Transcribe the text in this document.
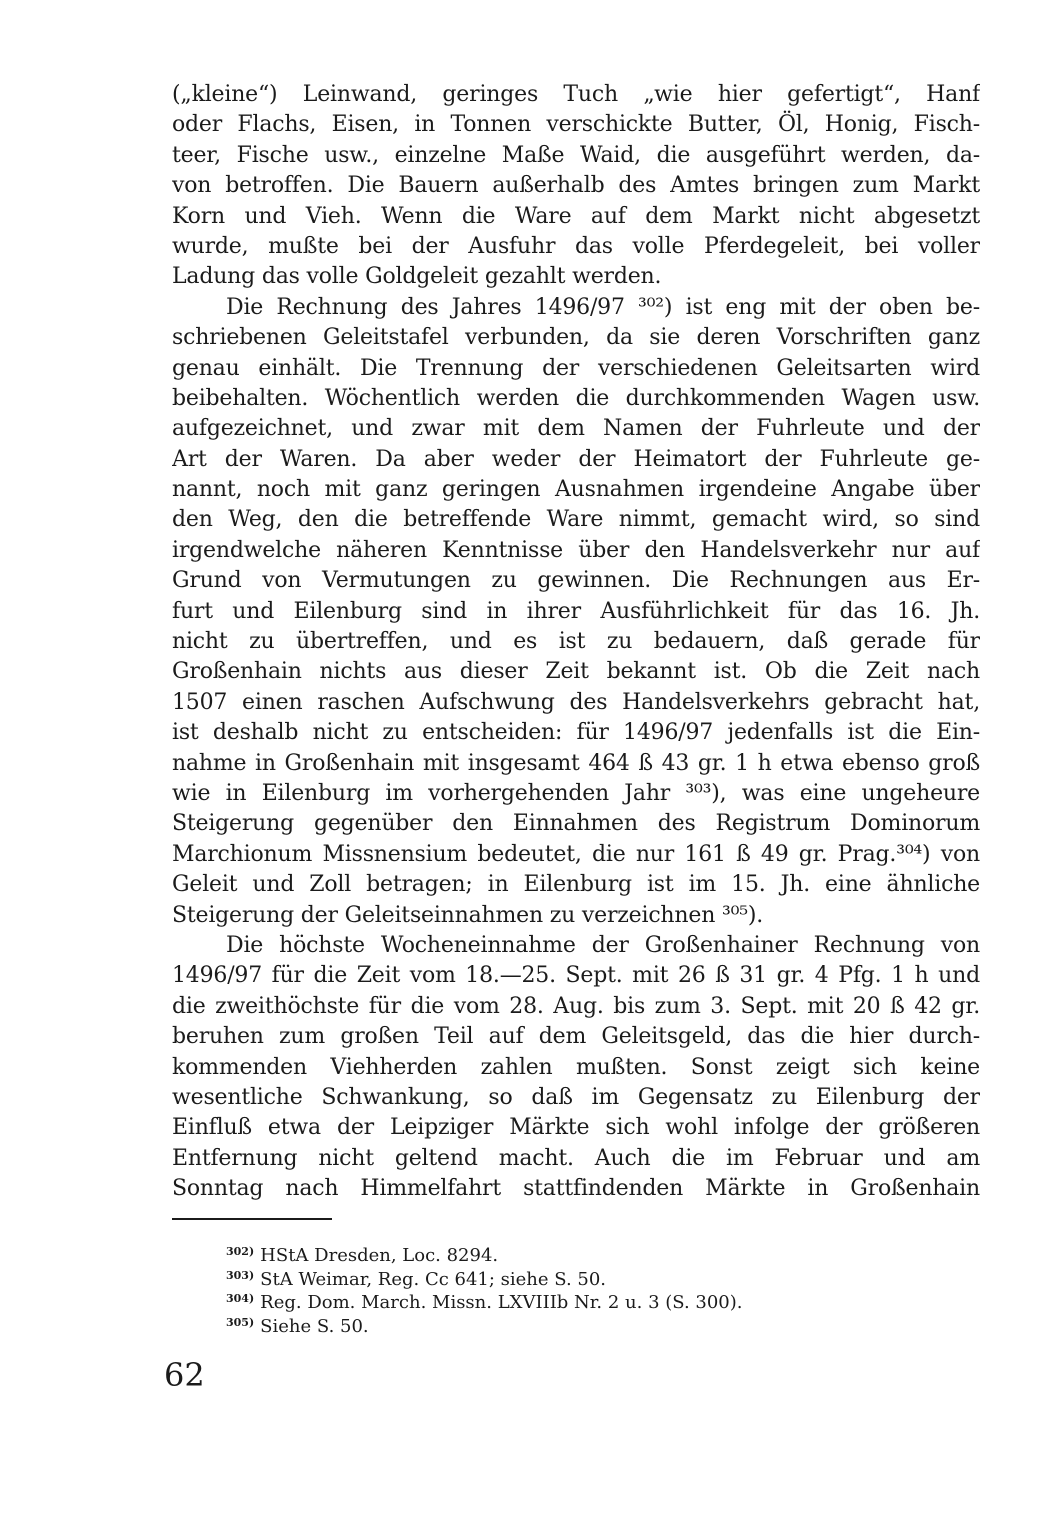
(„kleine“) Leinwand, geringes Tuch „wie hier gefertigt“, Hanf
oder Flachs, Eisen, in Tonnen verschickte Butter, Öl, Honig, Fisch-
teer, Fische usw., einzelne Maße Waid, die ausgeführt werden, da-
von betroffen. Die Bauern außerhalb des Amtes bringen zum Markt
Korn und Vieh. Wenn die Ware auf dem Markt nicht abgesetzt
wurde, mußte bei der Ausfuhr das volle Pferdegeleit, bei voller
Ladung das volle Goldgeleit gezahlt werden.
Die Rechnung des Jahres 1496/97 ³⁰²) ist eng mit der oben be-
schriebenen Geleitstafel verbunden, da sie deren Vorschriften ganz
genau einhält. Die Trennung der verschiedenen Geleitsarten wird
beibehalten. Wöchentlich werden die durchkommenden Wagen usw.
aufgezeichnet, und zwar mit dem Namen der Fuhrleute und der
Art der Waren. Da aber weder der Heimatort der Fuhrleute ge-
nannt, noch mit ganz geringen Ausnahmen irgendeine Angabe über
den Weg, den die betreffende Ware nimmt, gemacht wird, so sind
irgendwelche näheren Kenntnisse über den Handelsverkehr nur auf
Grund von Vermutungen zu gewinnen. Die Rechnungen aus Er-
furt und Eilenburg sind in ihrer Ausführlichkeit für das 16. Jh.
nicht zu übertreffen, und es ist zu bedauern, daß gerade für
Großenhain nichts aus dieser Zeit bekannt ist. Ob die Zeit nach
1507 einen raschen Aufschwung des Handelsverkehrs gebracht hat,
ist deshalb nicht zu entscheiden: für 1496/97 jedenfalls ist die Ein-
nahme in Großenhain mit insgesamt 464 ß 43 gr. 1 h etwa ebenso groß
wie in Eilenburg im vorhergehenden Jahr ³⁰³), was eine ungeheure
Steigerung gegenüber den Einnahmen des Registrum Dominorum
Marchionum Missnensium bedeutet, die nur 161 ß 49 gr. Prag.³⁰⁴) von
Geleit und Zoll betragen; in Eilenburg ist im 15. Jh. eine ähnliche
Steigerung der Geleitseinnahmen zu verzeichnen ³⁰⁵).
Die höchste Wocheneinnahme der Großenhainer Rechnung von
1496/97 für die Zeit vom 18.—25. Sept. mit 26 ß 31 gr. 4 Pfg. 1 h und
die zweithöchste für die vom 28. Aug. bis zum 3. Sept. mit 20 ß 42 gr.
beruhen zum großen Teil auf dem Geleitsgeld, das die hier durch-
kommenden Viehherden zahlen mußten. Sonst zeigt sich keine
wesentliche Schwankung, so daß im Gegensatz zu Eilenburg der
Einfluß etwa der Leipziger Märkte sich wohl infolge der größeren
Entfernung nicht geltend macht. Auch die im Februar und am
Sonntag nach Himmelfahrt stattfindenden Märkte in Großenhain
$^{302)}$ HStA Dresden, Loc. 8294.
$^{303)}$ StA Weimar, Reg. Cc 641; siehe S. 50.
$^{304)}$ Reg. Dom. March. Missn. LXVIIIb Nr. 2 u. 3 (S. 300).
$^{305)}$ Siehe S. 50.
62
